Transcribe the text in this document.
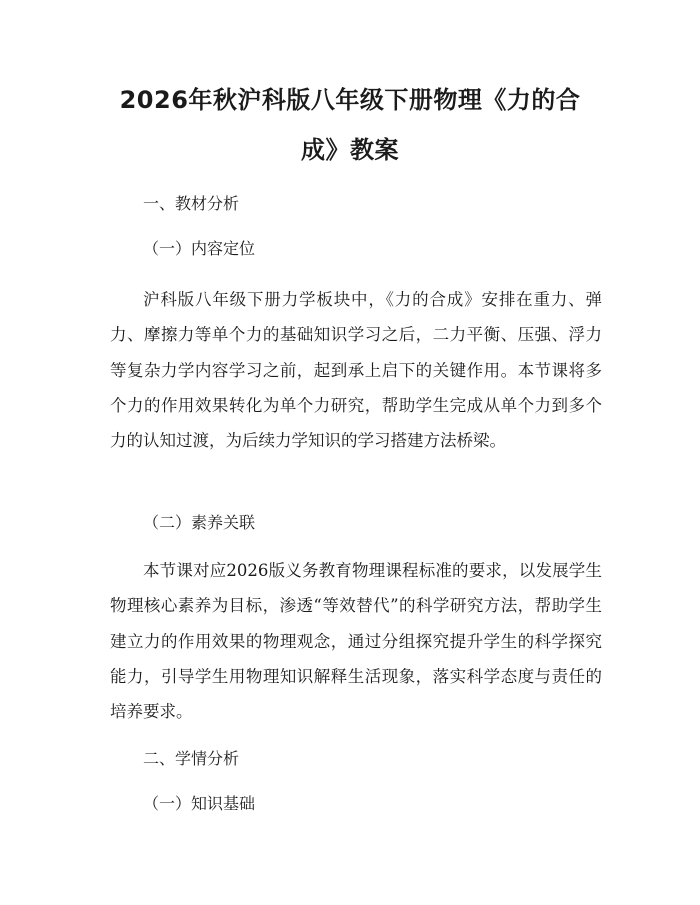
2026年秋沪科版八年级下册物理《力的合
成》教案
一、教材分析
（一）内容定位
沪科版八年级下册力学板块中，《力的合成》安排在重力、弹力、摩擦力等单个力的基础知识学习之后，二力平衡、压强、浮力等复杂力学内容学习之前，起到承上启下的关键作用。本节课将多个力的作用效果转化为单个力研究，帮助学生完成从单个力到多个力的认知过渡，为后续力学知识的学习搭建方法桥梁。
（二）素养关联
本节课对应2026版义务教育物理课程标准的要求，以发展学生物理核心素养为目标，渗透“等效替代”的科学研究方法，帮助学生建立力的作用效果的物理观念，通过分组探究提升学生的科学探究能力，引导学生用物理知识解释生活现象，落实科学态度与责任的培养要求。
二、学情分析
（一）知识基础
